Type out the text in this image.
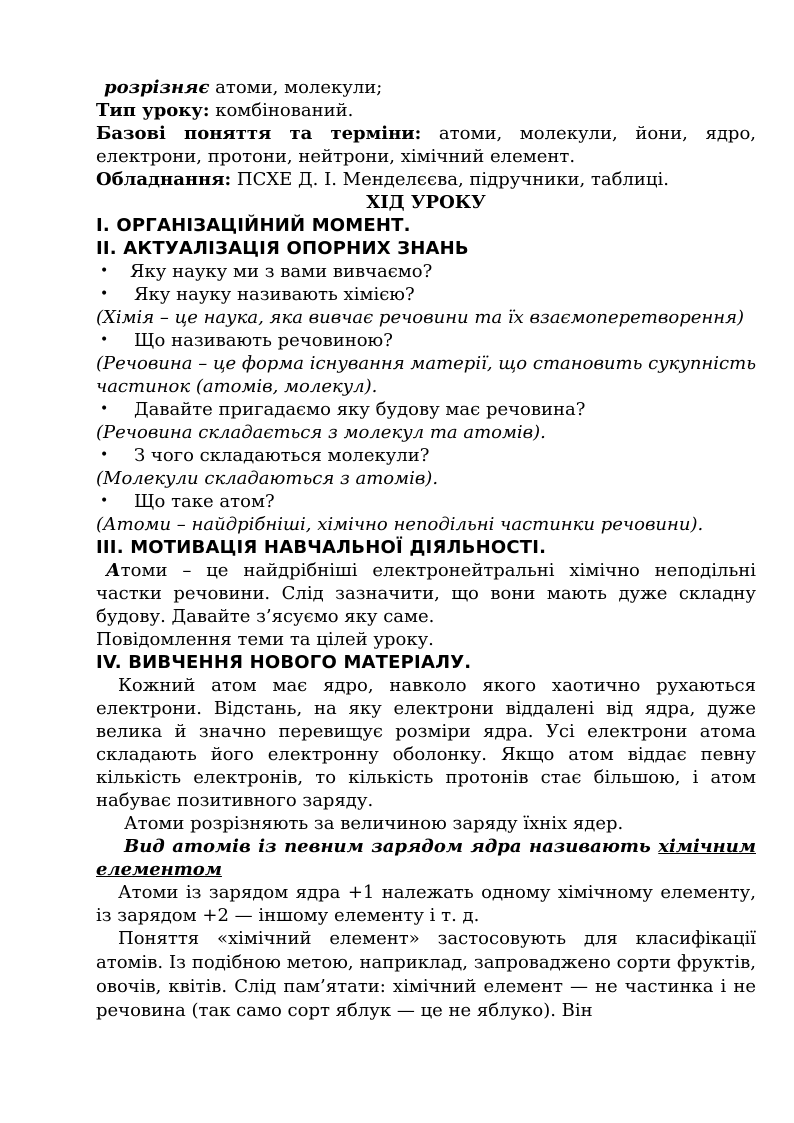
розрізняє атоми, молекули;

Тип уроку: комбінований.

Базові поняття та терміни: атоми, молекули, йони, ядро, електрони, протони, нейтрони, хімічний елемент.

Обладнання: ПСХЕ Д. І. Менделєєва, підручники, таблиці.

ХІД УРОКУ

І. ОРГАНІЗАЦІЙНИЙ МОМЕНТ.

ІІ. АКТУАЛІЗАЦІЯ ОПОРНИХ ЗНАНЬ

• Яку науку ми з вами вивчаємо?

• Яку науку називають хімією?

(Хімія – це наука, яка вивчає речовини та їх взаємоперетворення)

• Що називають речовиною?

(Речовина – це форма існування матерії, що становить сукупність частинок (атомів, молекул).

• Давайте пригадаємо яку будову має речовина?

(Речовина складається з молекул та атомів).

• З чого складаються молекули?

(Молекули складаються з атомів).

• Що таке атом?

(Атоми – найдрібніші, хімічно неподільні частинки речовини).

ІІІ. МОТИВАЦІЯ НАВЧАЛЬНОЇ ДІЯЛЬНОСТІ.

Атоми – це найдрібніші електронейтральні хімічно неподільні частки речовини. Слід зазначити, що вони мають дуже складну будову. Давайте з’ясуємо яку саме.

Повідомлення теми та цілей уроку.

ІV. ВИВЧЕННЯ НОВОГО МАТЕРІАЛУ.

Кожний атом має ядро, навколо якого хаотично рухаються електрони. Відстань, на яку електрони віддалені від ядра, дуже велика й значно перевищує розміри ядра. Усі електрони атома складають його електронну оболонку. Якщо атом віддає певну кількість електронів, то кількість протонів стає більшою, і атом набуває позитивного заряду.

Атоми розрізняють за величиною заряду їхніх ядер.

Вид атомів із певним зарядом ядра називають хімічним елементом

Атоми із зарядом ядра +1 належать одному хімічному елементу, із зарядом +2 — іншому елементу і т. д.

Поняття «хімічний елемент» застосовують для класифікації атомів. Із подібною метою, наприклад, запроваджено сорти фруктів, овочів, квітів. Слід пам’ятати: хімічний елемент — не частинка і не речовина (так само сорт яблук — це не яблуко). Він
